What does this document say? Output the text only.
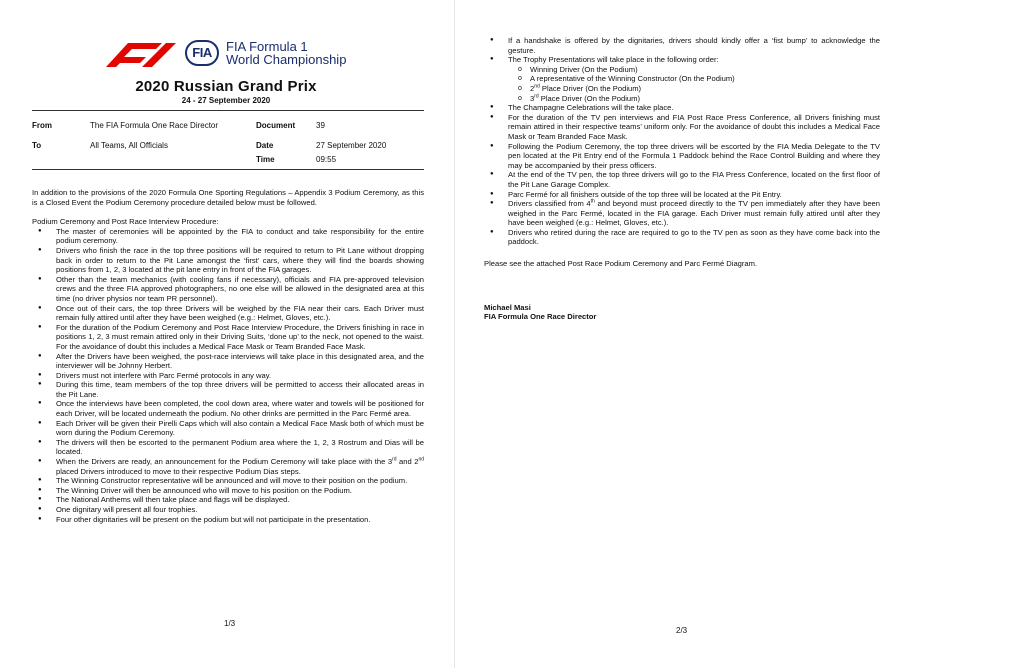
FIA	FIA Formula 1
World Championship
2020 Russian Grand Prix
24 - 27 September 2020
From	The FIA Formula One Race Director	Document	39
To	All Teams, All Officials	Date	27 September 2020
Time	09:55

In addition to the provisions of the 2020 Formula One Sporting Regulations – Appendix 3 Podium Ceremony, as this is a Closed Event the Podium Ceremony procedure detailed below must be followed.

Podium Ceremony and Post Race Interview Procedure:

● The master of ceremonies will be appointed by the FIA to conduct and take responsibility for the entire podium ceremony.
● Drivers who finish the race in the top three positions will be required to return to Pit Lane without dropping back in order to return to the Pit Lane amongst the ‘first’ cars, where they will find the boards showing positions from 1, 2, 3 located at the pit lane entry in front of the FIA garages.
● Other than the team mechanics (with cooling fans if necessary), officials and FIA pre-approved television crews and the three FIA approved photographers, no one else will be allowed in the designated area at this time (no driver physios nor team PR personnel).
● Once out of their cars, the top three Drivers will be weighed by the FIA near their cars. Each Driver must remain fully attired until after they have been weighed (e.g.: Helmet, Gloves, etc.).
● For the duration of the Podium Ceremony and Post Race Interview Procedure, the Drivers finishing in race in positions 1, 2, 3 must remain attired only in their Driving Suits, ‘done up’ to the neck, not opened to the waist. For the avoidance of doubt this includes a Medical Face Mask or Team Branded Face Mask.
● After the Drivers have been weighed, the post-race interviews will take place in this designated area, and the interviewer will be Johnny Herbert.
● Drivers must not interfere with Parc Fermé protocols in any way.
● During this time, team members of the top three drivers will be permitted to access their allocated areas in the Pit Lane.
● Once the interviews have been completed, the cool down area, where water and towels will be positioned for each Driver, will be located underneath the podium. No other drinks are permitted in the Parc Fermé area.
● Each Driver will be given their Pirelli Caps which will also contain a Medical Face Mask both of which must be worn during the Podium Ceremony.
● The drivers will then be escorted to the permanent Podium area where the 1, 2, 3 Rostrum and Dias will be located.
● When the Drivers are ready, an announcement for the Podium Ceremony will take place with the 3rd and 2nd placed Drivers introduced to move to their respective Podium Dias steps.
● The Winning Constructor representative will be announced and will move to their position on the podium.
● The Winning Driver will then be announced who will move to his position on the Podium.
● The National Anthems will then take place and flags will be displayed.
● One dignitary will present all four trophies.
● Four other dignitaries will be present on the podium but will not participate in the presentation.
1/3
● If a handshake is offered by the dignitaries, drivers should kindly offer a ‘fist bump’ to acknowledge the gesture.
● The Trophy Presentations will take place in the following order:
o Winning Driver (On the Podium)
o A representative of the Winning Constructor (On the Podium)
o 2nd Place Driver (On the Podium)
o 3rd Place Driver (On the Podium)
● The Champagne Celebrations will the take place.
● For the duration of the TV pen interviews and FIA Post Race Press Conference, all Drivers finishing must remain attired in their respective teams’ uniform only. For the avoidance of doubt this includes a Medical Face Mask or Team Branded Face Mask.
● Following the Podium Ceremony, the top three drivers will be escorted by the FIA Media Delegate to the TV pen located at the Pit Entry end of the Formula 1 Paddock behind the Race Control Building and where they may be accompanied by their press officers.
● At the end of the TV pen, the top three drivers will go to the FIA Press Conference, located on the first floor of the Pit Lane Garage Complex.
● Parc Fermé for all finishers outside of the top three will be located at the Pit Entry.
● Drivers classified from 4th and beyond must proceed directly to the TV pen immediately after they have been weighed in the Parc Fermé, located in the FIA garage. Each Driver must remain fully attired until after they have been weighed (e.g.: Helmet, Gloves, etc.).
● Drivers who retired during the race are required to go to the TV pen as soon as they have come back into the paddock.

Please see the attached Post Race Podium Ceremony and Parc Fermé Diagram.

Michael Masi

FIA Formula One Race Director

2/3
